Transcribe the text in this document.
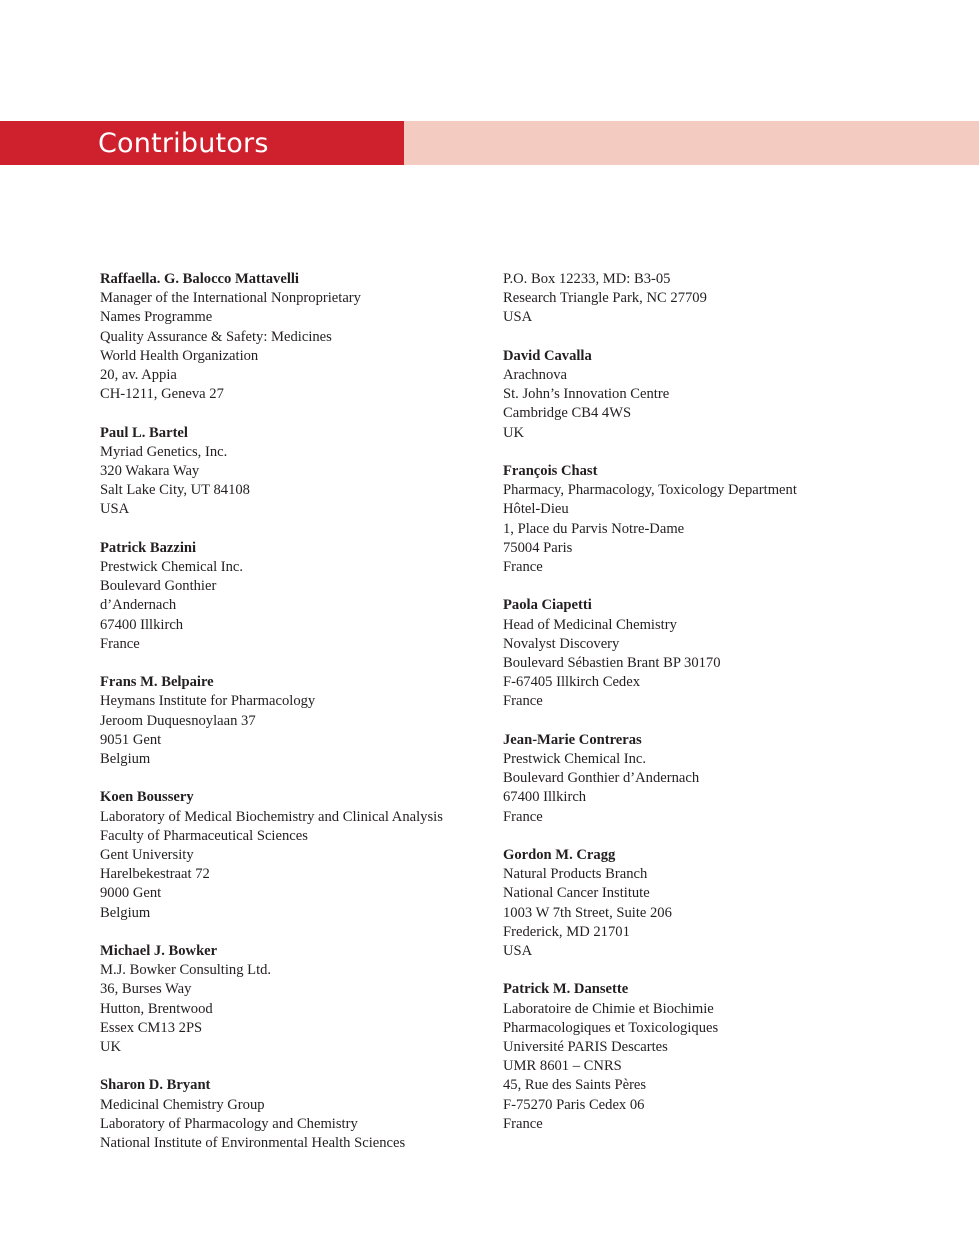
Contributors
Raffaella. G. Balocco Mattavelli
Manager of the International Nonproprietary
Names Programme
Quality Assurance & Safety: Medicines
World Health Organization
20, av. Appia
CH-1211, Geneva 27
Paul L. Bartel
Myriad Genetics, Inc.
320 Wakara Way
Salt Lake City, UT 84108
USA
Patrick Bazzini
Prestwick Chemical Inc.
Boulevard Gonthier
d’Andernach
67400 Illkirch
France
Frans M. Belpaire
Heymans Institute for Pharmacology
Jeroom Duquesnoylaan 37
9051 Gent
Belgium
Koen Boussery
Laboratory of Medical Biochemistry and Clinical Analysis
Faculty of Pharmaceutical Sciences
Gent University
Harelbekestraat 72
9000 Gent
Belgium
Michael J. Bowker
M.J. Bowker Consulting Ltd.
36, Burses Way
Hutton, Brentwood
Essex CM13 2PS
UK
Sharon D. Bryant
Medicinal Chemistry Group
Laboratory of Pharmacology and Chemistry
National Institute of Environmental Health Sciences
P.O. Box 12233, MD: B3-05
Research Triangle Park, NC 27709
USA
David Cavalla
Arachnova
St. John’s Innovation Centre
Cambridge CB4 4WS
UK
François Chast
Pharmacy, Pharmacology, Toxicology Department
Hôtel-Dieu
1, Place du Parvis Notre-Dame
75004 Paris
France
Paola Ciapetti
Head of Medicinal Chemistry
Novalyst Discovery
Boulevard Sébastien Brant BP 30170
F-67405 Illkirch Cedex
France
Jean-Marie Contreras
Prestwick Chemical Inc.
Boulevard Gonthier d’Andernach
67400 Illkirch
France
Gordon M. Cragg
Natural Products Branch
National Cancer Institute
1003 W 7th Street, Suite 206
Frederick, MD 21701
USA
Patrick M. Dansette
Laboratoire de Chimie et Biochimie
Pharmacologiques et Toxicologiques
Université PARIS Descartes
UMR 8601 – CNRS
45, Rue des Saints Pères
F-75270 Paris Cedex 06
France
